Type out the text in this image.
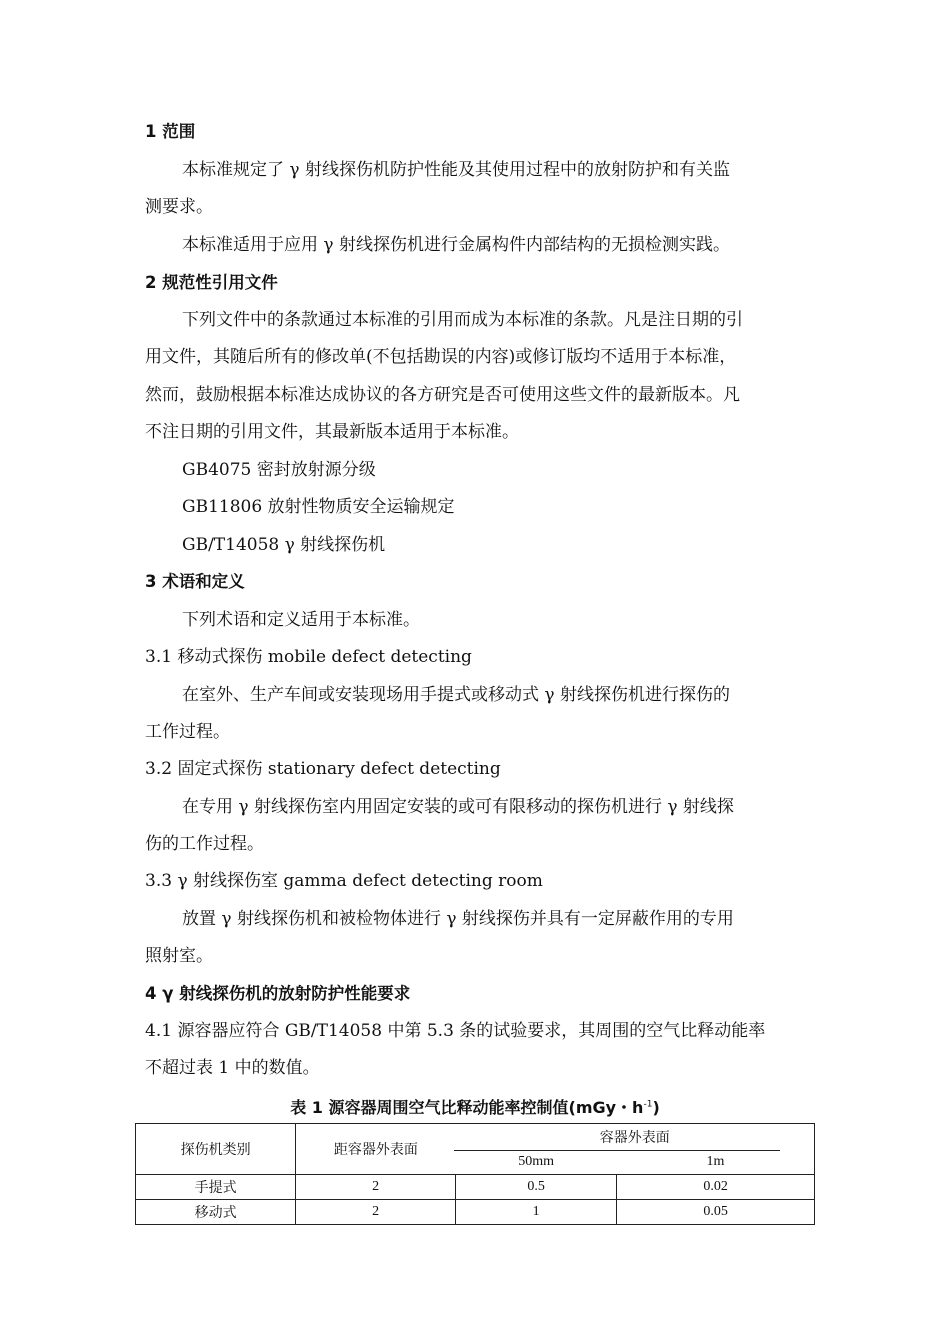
1 范围
本标准规定了 γ 射线探伤机防护性能及其使用过程中的放射防护和有关监
测要求。
本标准适用于应用 γ 射线探伤机进行金属构件内部结构的无损检测实践。
2 规范性引用文件
下列文件中的条款通过本标准的引用而成为本标准的条款。凡是注日期的引
用文件，其随后所有的修改单(不包括勘误的内容)或修订版均不适用于本标准，
然而，鼓励根据本标准达成协议的各方研究是否可使用这些文件的最新版本。凡
不注日期的引用文件，其最新版本适用于本标准。
GB4075 密封放射源分级
GB11806 放射性物质安全运输规定
GB/T14058 γ 射线探伤机
3 术语和定义
下列术语和定义适用于本标准。
3.1 移动式探伤 mobile defect detecting
在室外、生产车间或安装现场用手提式或移动式 γ 射线探伤机进行探伤的
工作过程。
3.2 固定式探伤 stationary defect detecting
在专用 γ 射线探伤室内用固定安装的或可有限移动的探伤机进行 γ 射线探
伤的工作过程。
3.3 γ 射线探伤室 gamma defect detecting room
放置 γ 射线探伤机和被检物体进行 γ 射线探伤并具有一定屏蔽作用的专用
照射室。
4 γ 射线探伤机的放射防护性能要求
4.1 源容器应符合 GB/T14058 中第 5.3 条的试验要求，其周围的空气比释动能率
不超过表 1 中的数值。
表 1 源容器周围空气比释动能率控制值(mGy・$h^{-1}$)
探伤机类别	距容器外表面	容器外表面	

50mm	1m
手提式	2	0.5	0.02
移动式	2	1	0.05
